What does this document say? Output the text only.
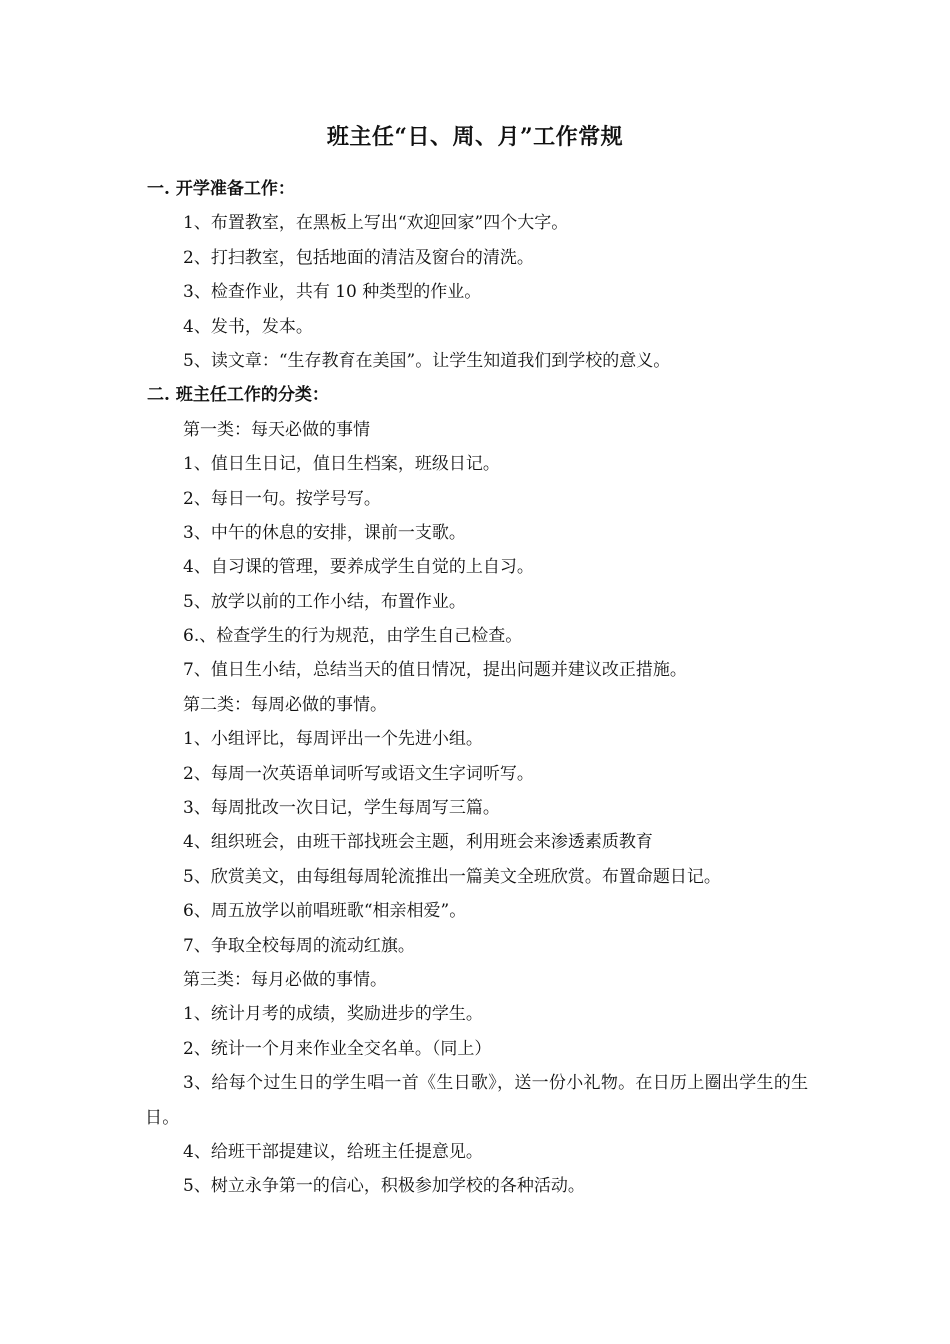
班主任“日、周、月”工作常规
一. 开学准备工作：
1、布置教室，在黑板上写出“欢迎回家”四个大字。
2、打扫教室，包括地面的清洁及窗台的清洗。
3、检查作业，共有 10 种类型的作业。
4、发书，发本。
5、读文章：“生存教育在美国”。让学生知道我们到学校的意义。
二. 班主任工作的分类：
第一类：每天必做的事情
1、值日生日记，值日生档案，班级日记。
2、每日一句。按学号写。
3、中午的休息的安排，课前一支歌。
4、自习课的管理，要养成学生自觉的上自习。
5、放学以前的工作小结，布置作业。
6.、检查学生的行为规范，由学生自己检查。
7、值日生小结，总结当天的值日情况，提出问题并建议改正措施。
第二类：每周必做的事情。
1、小组评比，每周评出一个先进小组。
2、每周一次英语单词听写或语文生字词听写。
3、每周批改一次日记，学生每周写三篇。
4、组织班会，由班干部找班会主题，利用班会来渗透素质教育
5、欣赏美文，由每组每周轮流推出一篇美文全班欣赏。布置命题日记。
6、周五放学以前唱班歌“相亲相爱”。
7、争取全校每周的流动红旗。
第三类：每月必做的事情。
1、统计月考的成绩，奖励进步的学生。
2、统计一个月来作业全交名单。（同上）
3、给每个过生日的学生唱一首《生日歌》，送一份小礼物。在日历上圈出学生的生日。
4、给班干部提建议，给班主任提意见。
5、树立永争第一的信心，积极参加学校的各种活动。
